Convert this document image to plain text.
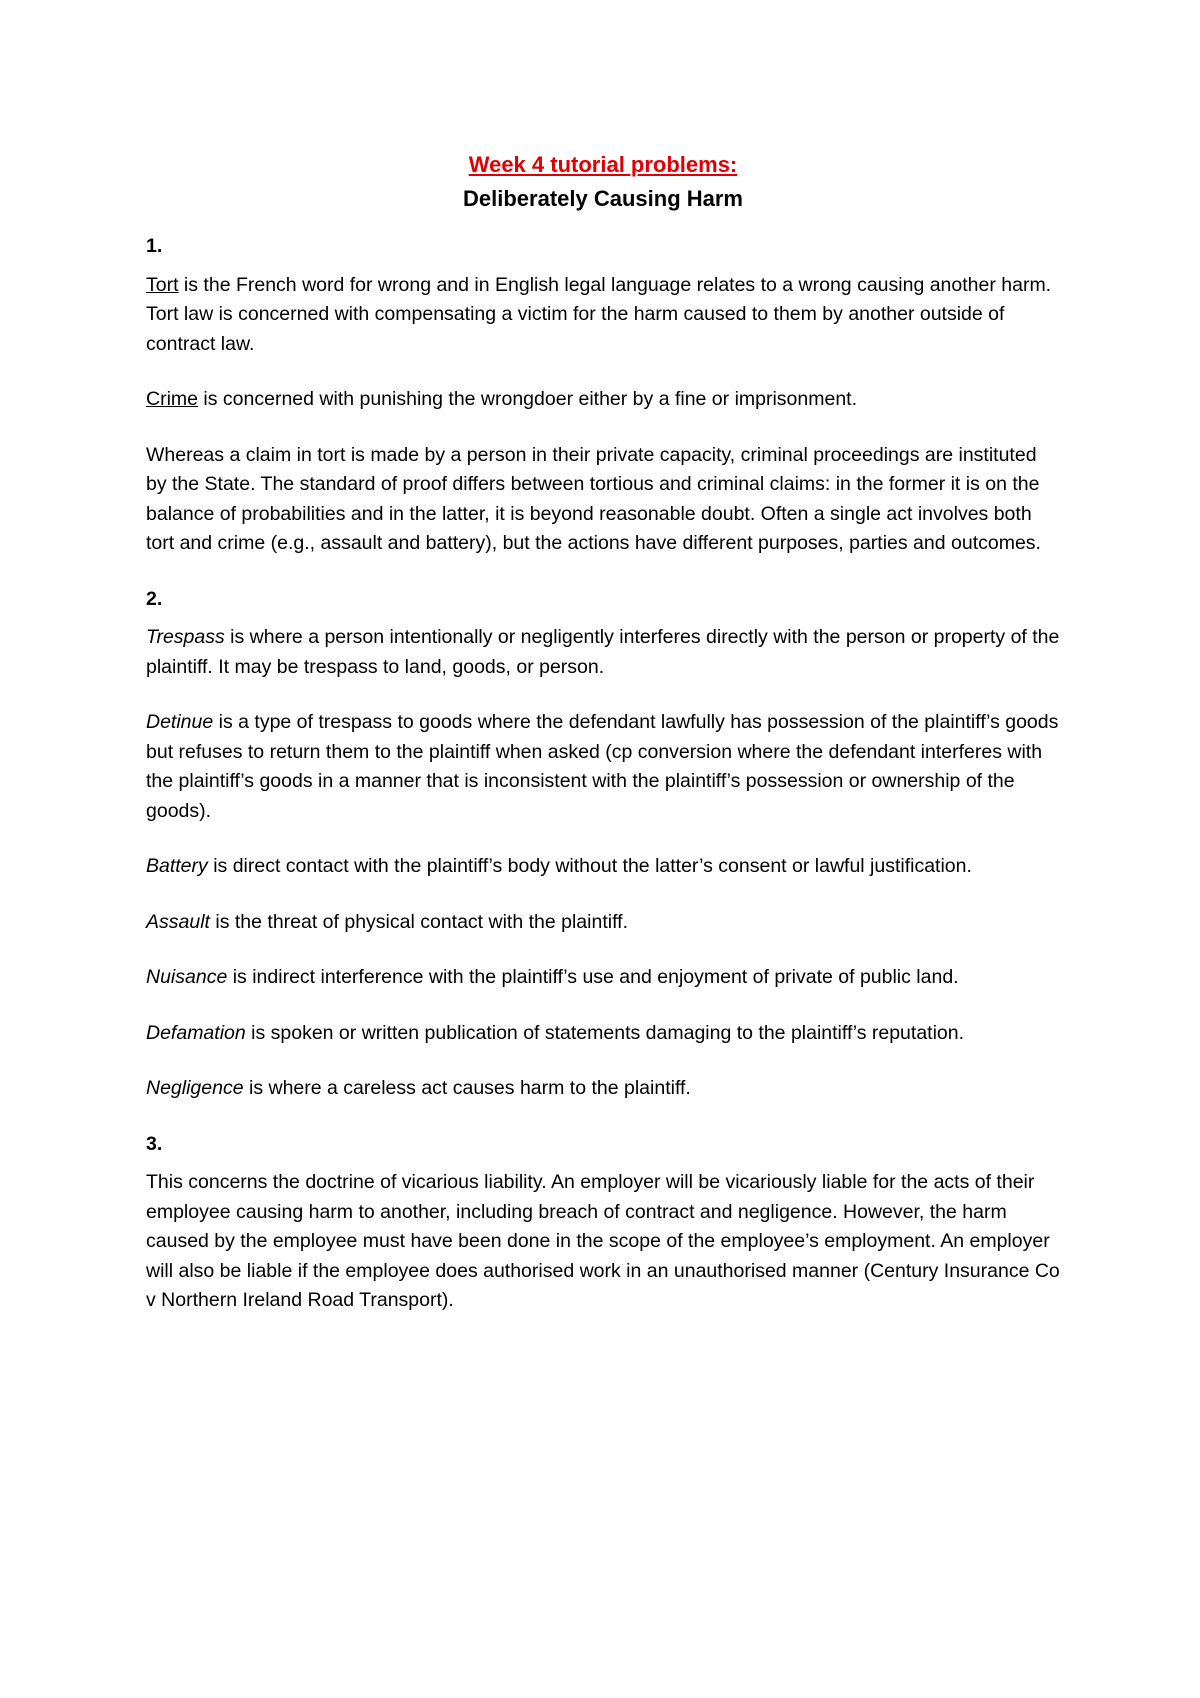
Week 4 tutorial problems:
Deliberately Causing Harm
1.

Tort is the French word for wrong and in English legal language relates to a wrong causing another harm. Tort law is concerned with compensating a victim for the harm caused to them by another outside of contract law.

Crime is concerned with punishing the wrongdoer either by a fine or imprisonment.

Whereas a claim in tort is made by a person in their private capacity, criminal proceedings are instituted by the State. The standard of proof differs between tortious and criminal claims: in the former it is on the balance of probabilities and in the latter, it is beyond reasonable doubt. Often a single act involves both tort and crime (e.g., assault and battery), but the actions have different purposes, parties and outcomes.

2.

Trespass is where a person intentionally or negligently interferes directly with the person or property of the plaintiff. It may be trespass to land, goods, or person.

Detinue is a type of trespass to goods where the defendant lawfully has possession of the plaintiff’s goods but refuses to return them to the plaintiff when asked (cp conversion where the defendant interferes with the plaintiff’s goods in a manner that is inconsistent with the plaintiff’s possession or ownership of the goods).

Battery is direct contact with the plaintiff’s body without the latter’s consent or lawful justification.

Assault is the threat of physical contact with the plaintiff.

Nuisance is indirect interference with the plaintiff’s use and enjoyment of private of public land.

Defamation is spoken or written publication of statements damaging to the plaintiff’s reputation.

Negligence is where a careless act causes harm to the plaintiff.

3.

This concerns the doctrine of vicarious liability. An employer will be vicariously liable for the acts of their employee causing harm to another, including breach of contract and negligence. However, the harm caused by the employee must have been done in the scope of the employee’s employment. An employer will also be liable if the employee does authorised work in an unauthorised manner (Century Insurance Co v Northern Ireland Road Transport).
